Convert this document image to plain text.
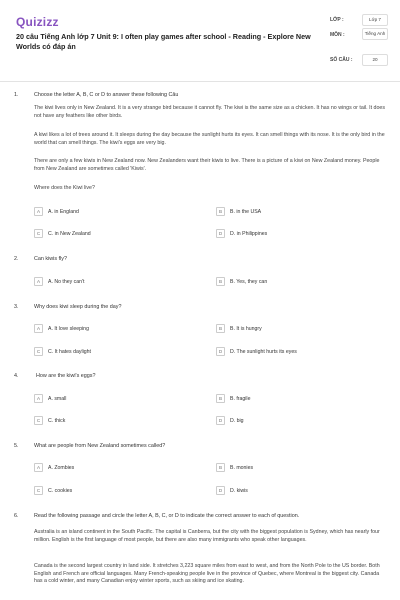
Quizizz
20 câu Tiếng Anh lớp 7 Unit 9: I often play games after school - Reading - Explore New Worlds có đáp án
LỚP :	Lớp 7
MÔN :	Tiếng Anh
SỐ CÂU :	20
1.	Choose the letter A, B, C or D to answer these following Câu
The kiwi lives only in New Zealand. It is a very strange bird because it cannot fly. The kiwi is the same size as a chicken. It has no wings or tail. It does not have any feathers like other birds.
A kiwi likes a lot of trees around it. It sleeps during the day because the sunlight hurts its eyes. It can smell things with its nose. It is the only bird in the world that can smell things. The kiwi's eggs are very big.
There are only a few kiwis in New Zealand now. New Zealanders want their kiwis to live. There is a picture of a kiwi on New Zealand money. People from New Zealand are sometimes called 'Kiwis'.
Where does the Kiwi live?
A	A. in England	B	B. in the USA
C	C. in New Zealand	D	D. in Philippines
2.	Can kiwis fly?
A	A. No they can't	B	B. Yes, they can
3.	Why does kiwi sleep during the day?
A	A. It love sleeping	B	B. It is hungry
C	C. It hates daylight	D	D. The sunlight hurts its eyes
4.	How are the kiwi's eggs?
A	A. small	B	B. fragile
C	C. thick	D	D. big
5.	What are people from New Zealand sometimes called?
A	A. Zombies	B	B. monies
C	C. cookies	D	D. kiwis
6.	Read the following passage and circle the letter A, B, C, or D to indicate the correct answer to each of question.
Australia is an island continent in the South Pacific. The capital is Canberra, but the city with the biggest population is Sydney, which has nearly four million. English is the first language of most people, but there are also many immigrants who speak other languages.
Canada is the second largest country in land side. It stretches 3,223 square miles from east to west, and from the North Pole to the US border. Both English and French are official languages. Many French-speaking people live in the province of Quebec, where Montreal is the biggest city. Canada has a cold winter, and many Canadian enjoy winter sports, such as skiing and ice skating.
